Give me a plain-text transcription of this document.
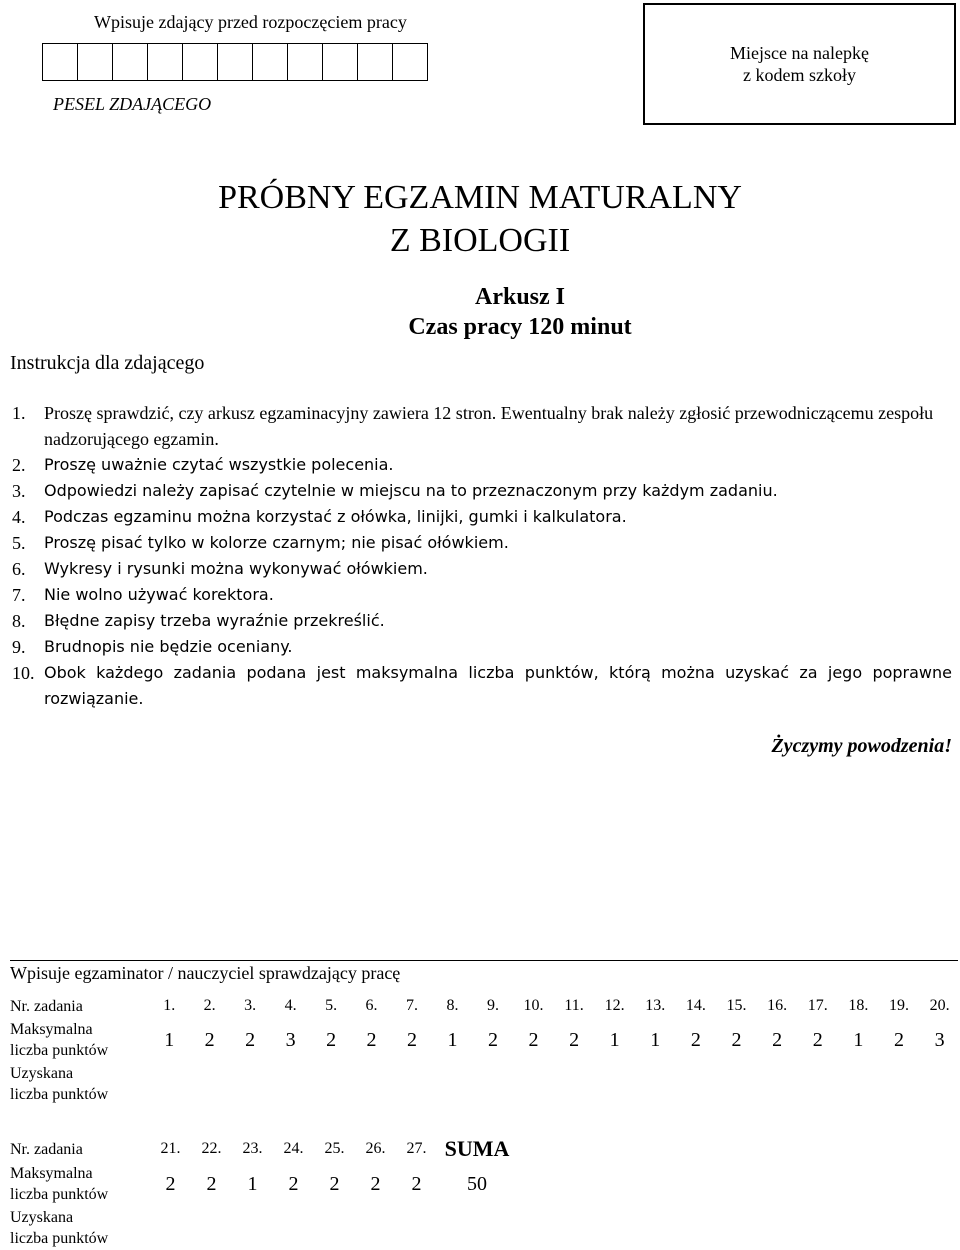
Wpisuje zdający przed rozpoczęciem pracy
PESEL ZDAJĄCEGO
Miejsce na nalepkę
z kodem szkoły
PRÓBNY EGZAMIN MATURALNY
Z BIOLOGII
Arkusz I
Czas pracy 120 minut
Instrukcja dla zdającego
1.	Proszę sprawdzić, czy arkusz egzaminacyjny zawiera 12 stron. Ewentualny brak należy zgłosić przewodniczącemu zespołu nadzorującego egzamin.
2.	Proszę uważnie czytać wszystkie polecenia.
3.	Odpowiedzi należy zapisać czytelnie w miejscu na to przeznaczonym przy każdym zadaniu.
4.	Podczas egzaminu można korzystać z ołówka, linijki, gumki i kalkulatora.
5.	Proszę pisać tylko w kolorze czarnym; nie pisać ołówkiem.
6.	Wykresy i rysunki można wykonywać ołówkiem.
7.	Nie wolno używać korektora.
8.	Błędne zapisy trzeba wyraźnie przekreślić.
9.	Brudnopis nie będzie oceniany.
10. Obok każdego zadania podana jest maksymalna liczba punktów, którą można uzyskać za jego poprawne rozwiązanie.
Życzymy powodzenia!
Wpisuje egzaminator / nauczyciel sprawdzający pracę
Nr. zadania	1.	2.	3.	4.	5.	6.	7.	8.	9.	10.	11.	12.	13.	14.	15.	16.	17.	18.	19.	20.
Maksymalna
liczba punktów	1	2	2	3	2	2	2	1	2	2	2	1	1	2	2	2	2	1	2	3
Uzyskana
liczba punktów																				
Nr. zadania	21.	22.	23.	24.	25.	26.	27.	SUMA
Maksymalna
liczba punktów	2	2	1	2	2	2	2	50
Uzyskana
liczba punktów								
